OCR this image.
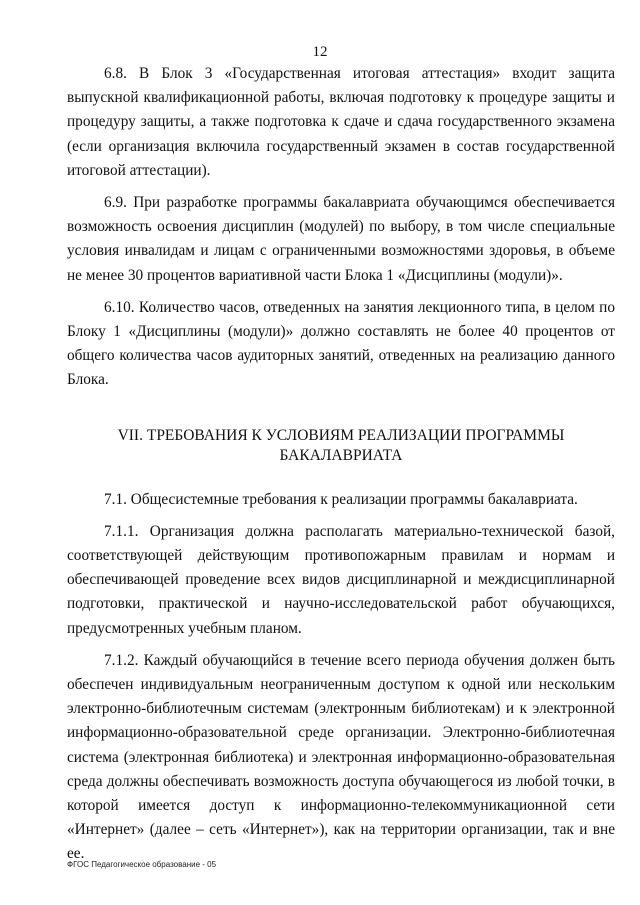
12

6.8. В Блок 3 «Государственная итоговая аттестация» входит защита выпускной квалификационной работы, включая подготовку к процедуре защиты и процедуру защиты, а также подготовка к сдаче и сдача государственного экзамена (если организация включила государственный экзамен в состав государственной итоговой аттестации).

6.9. При разработке программы бакалавриата обучающимся обеспечивается возможность освоения дисциплин (модулей) по выбору, в том числе специальные условия инвалидам и лицам с ограниченными возможностями здоровья, в объеме не менее 30 процентов вариативной части Блока 1 «Дисциплины (модули)».

6.10. Количество часов, отведенных на занятия лекционного типа, в целом по Блоку 1 «Дисциплины (модули)» должно составлять не более 40 процентов от общего количества часов аудиторных занятий, отведенных на реализацию данного Блока.

VII. ТРЕБОВАНИЯ К УСЛОВИЯМ РЕАЛИЗАЦИИ ПРОГРАММЫ
БАКАЛАВРИАТА

7.1. Общесистемные требования к реализации программы бакалавриата.

7.1.1. Организация должна располагать материально-технической базой, соответствующей действующим противопожарным правилам и нормам и обеспечивающей проведение всех видов дисциплинарной и междисциплинарной подготовки, практической и научно-исследовательской работ обучающихся, предусмотренных учебным планом.

7.1.2. Каждый обучающийся в течение всего периода обучения должен быть обеспечен индивидуальным неограниченным доступом к одной или нескольким электронно-библиотечным системам (электронным библиотекам) и к электронной информационно-образовательной среде организации. Электронно-библиотечная система (электронная библиотека) и электронная информационно-образовательная среда должны обеспечивать возможность доступа обучающегося из любой точки, в которой имеется доступ к информационно-телекоммуникационной сети «Интернет» (далее – сеть «Интернет»), как на территории организации, так и вне ее.

ФГОС Педагогическое образование - 05
